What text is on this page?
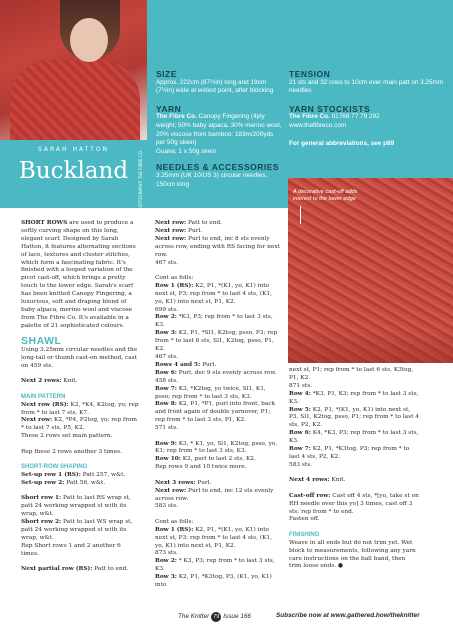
SARAH HATTON
Buckland	PHOTOGRAPHY: THE FIBRE CO.
SIZE

Approx. 222cm (87½in) long and 19cm (7½in) wide at widest point, after blocking

YARN

The Fibre Co. Canopy Fingering (4ply weight; 50% baby alpaca, 30% merino wool, 20% viscose from bamboo; 183m/200yds per 50g skein)

Guava; 1 x 50g skein

NEEDLES & ACCESSORIES

3.25mm (UK 10/US 3) circular needles, 150cm long

TENSION

21 sts and 32 rows to 10cm over main patt on 3.25mm needles

YARN STOCKISTS

The Fibre Co. 01768 77 79 292

www.thefibreco.com

For general abbreviations, see p89

A decorative cast-off adds interest to the lower edge

SHORT ROWS are used to produce a softly curving shape on this long, elegant scarf. Designed by Sarah Hatton, it features alternating sections of lace, textures and cluster stitches, which form a fascinating fabric. It's finished with a looped variation of the picot cast-off, which brings a pretty touch to the lower edge. Sarah's scarf has been knitted Canopy Fingering, a luxurious, soft and draping blend of baby alpaca, merino wool and viscose from The Fibre Co. It's available in a palette of 21 sophisticated colours.

SHAWL

Using 3.25mm circular needles and the long-tail or thumb cast-on method, cast on 459 sts.

Next 2 rows: Knit.

MAIN PATTERN

Next row (RS): K2, *K4, K2tog, yo; rep from * to last 7 sts, K7.

Next row: K2, *P4, P2tog, yo; rep from * to last 7 sts, P5, K2.

These 2 rows set main pattern.

Rep these 2 rows another 3 times.

SHORT-ROW SHAPING

Set-up row 1 (RS): Patt 257, w&t.

Set-up row 2: Patt 56, w&t.

Short row 1: Patt to last RS wrap st, patt 24 working wrapped st with its wrap, w&t.

Short row 2: Patt to last WS wrap st, patt 24 working wrapped st with its wrap, w&t.

Rep Short rows 1 and 2 another 6 times.

Next partial row (RS): Patt to end.

Next row: Patt to end.

Next row: Purl.

Next row: Purl to end, inc 8 sts evenly across row, ending with RS facing for next row.

467 sts.

Cont as folls:

Row 1 (RS): K2, P1, *(K1, yo, K1) into next st, P3; rep from * to last 4 sts, (K1, yo, K1) into next st, P1, K2.

699 sts.

Row 2: *K3, P3; rep from * to last 3 sts, K3.

Row 3: K2, P1, *Sl1, K2tog, psso, P3; rep from * to last 6 sts, Sl1, K2tog, psso, P1, K2.

467 sts.

Rows 4 and 5: Purl.

Row 6: Purl, dec 9 sts evenly across row.

458 sts.

Row 7: K3, *K2tog, yo twice, Sl1, K1, psso; rep from * to last 3 sts, K3.

Row 8: K2, P1, *P1, purl into front, back and front again of double yarnover, P1; rep from * to last 3 sts, P1, K2.

571 sts.

Row 9: K3, * K1, yo, Sl1, K2tog, psso, yo, K1; rep from * to last 3 sts, K3.

Row 10: K2, purl to last 2 sts, K2.

Rep rows 9 and 10 twice more.

Next 3 rows: Purl.

Next row: Purl to end, inc 12 sts evenly across row.

583 sts.

Cont as folls:

Row 1 (RS): K2, P1, *(K1, yo, K1) into next st, P3; rep from * to last 4 sts, (K1, yo, K1) into next st, P1, K2.

873 sts.

Row 2: * K3, P3; rep from * to last 3 sts, K3.

Row 3: K2, P1, *K3tog, P3, (K1, yo, K1) into

next st, P1; rep from * to last 6 sts, K3tog, P1, K2.

871 sts.

Row 4: *K3, P1, K3; rep from * to last 3 sts, K3.

Row 5: K2, P1, *(K1, yo, K1) into next st, P3, Sl1, K2tog, psso, P1; rep from * to last 4 sts, P2, K2.

Row 6: K4, *K3, P3; rep from * to last 3 sts, K3.

Row 7: K2, P1, *K3tog, P3; rep from * to last 4 sts, P2, K2.

583 sts.

Next 4 rows: Knit.

Cast-off row: Cast off 4 sts, *[yo, take st on RH needle over this yo] 3 times, cast off 3 sts; rep from * to end.

Fasten off.

FINISHING

Weave in all ends but do not trim yet. Wet block to measurements, following any yarn care instructions on the ball band, then trim loose ends. ●

The Knitter 79 Issue 166	Subscribe now at www.gathered.how/theknitter
